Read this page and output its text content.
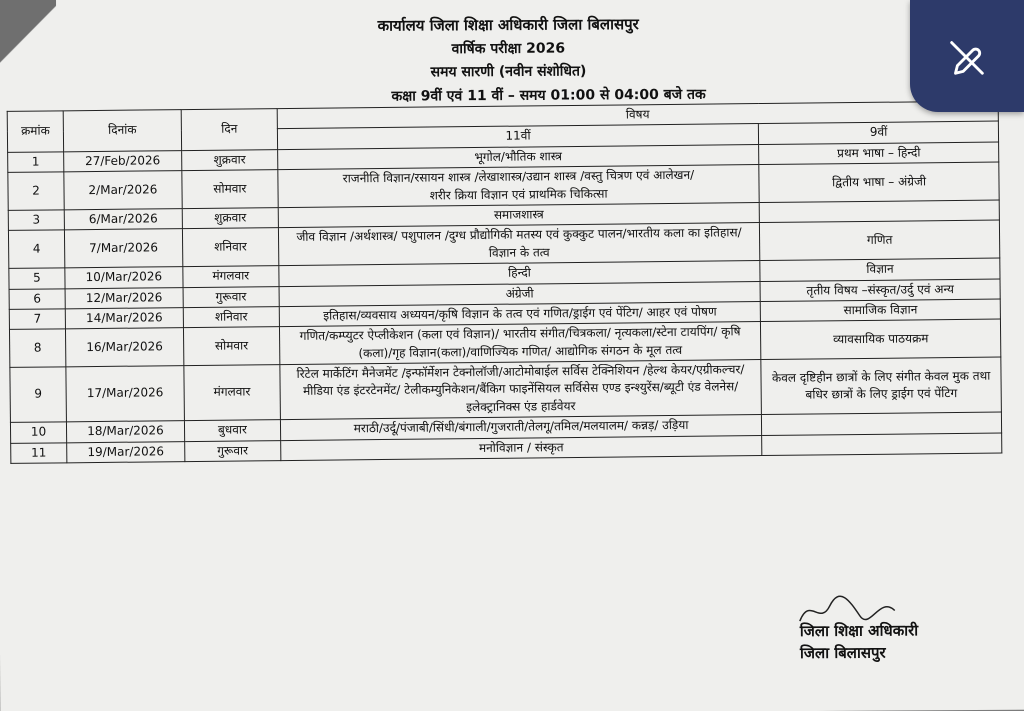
कार्यालय जिला शिक्षा अधिकारी जिला बिलासपुर
वार्षिक परीक्षा 2026
समय सारणी (नवीन संशोधित)
कक्षा 9वीं एवं 11 वीं – समय 01:00 से 04:00 बजे तक
क्रमांक	दिनांक	दिन	विषय	
			11वीं	9वीं
1	27/Feb/2026	शुक्रवार	भूगोल/भौतिक शास्त्र	प्रथम भाषा – हिन्दी
2	2/Mar/2026	सोमवार	राजनीति विज्ञान/रसायन शास्त्र /लेखाशास्त्र/उद्यान शास्त्र /वस्तु चित्रण एवं आलेखन/
शरीर क्रिया विज्ञान एवं प्राथमिक चिकित्सा	द्वितीय भाषा – अंग्रेजी
3	6/Mar/2026	शुक्रवार	समाजशास्त्र	
4	7/Mar/2026	शनिवार	जीव विज्ञान /अर्थशास्त्र/ पशुपालन /दुग्ध प्रौद्योगिकी मतस्य एवं कुक्कुट पालन/भारतीय कला का इतिहास/ विज्ञान के तत्व	गणित
5	10/Mar/2026	मंगलवार	हिन्दी	विज्ञान
6	12/Mar/2026	गुरूवार	अंग्रेजी	तृतीय विषय –संस्कृत/उर्दु एवं अन्य
7	14/Mar/2026	शनिवार	इतिहास/व्यवसाय अध्ययन/कृषि विज्ञान के तत्व एवं गणित/ड्राईग एवं पेंटिग/ आहर एवं पोषण	सामाजिक विज्ञान
8	16/Mar/2026	सोमवार	गणित/कम्प्युटर ऐप्लीकेशन (कला एवं विज्ञान)/ भारतीय संगीत/चित्रकला/ नृत्यकला/स्टेना टायपिंग/ कृषि (कला)/गृह विज्ञान(कला)/वाणिज्यिक गणित/ आद्योगिक संगठन के मूल तत्व	व्यावसायिक पाठयक्रम
9	17/Mar/2026	मंगलवार	रिटेल मार्केटिंग मैनेजमेंट /इन्फॉर्मेशन टेक्नोलॉजी/आटोमोबाईल सर्विस टेक्निशियन /हेल्थ केयर/एग्रीकल्चर/मीडिया एंड इंटरटेनमेंट/ टेलीकम्युनिकेशन/बैंकिग फाइनेंसियल सर्विसेस एण्ड इन्श्युरेंस/ब्यूटी एंड वेलनेस/इलेक्ट्रानिक्स एंड हार्डवेयर	केवल दृष्टिहीन छात्रों के लिए संगीत केवल मुक तथा बधिर छात्रों के लिए ड्राईग एवं पेंटिग
10	18/Mar/2026	बुधवार	मराठी/उर्दू/पंजाबी/सिंधी/बंगाली/गुजराती/तेलगू/तमिल/मलयालम/ कन्नड़/ उड़िया	
11	19/Mar/2026	गुरूवार	मनोविज्ञान / संस्कृत	
जिला शिक्षा अधिकारी
जिला बिलासपुर
